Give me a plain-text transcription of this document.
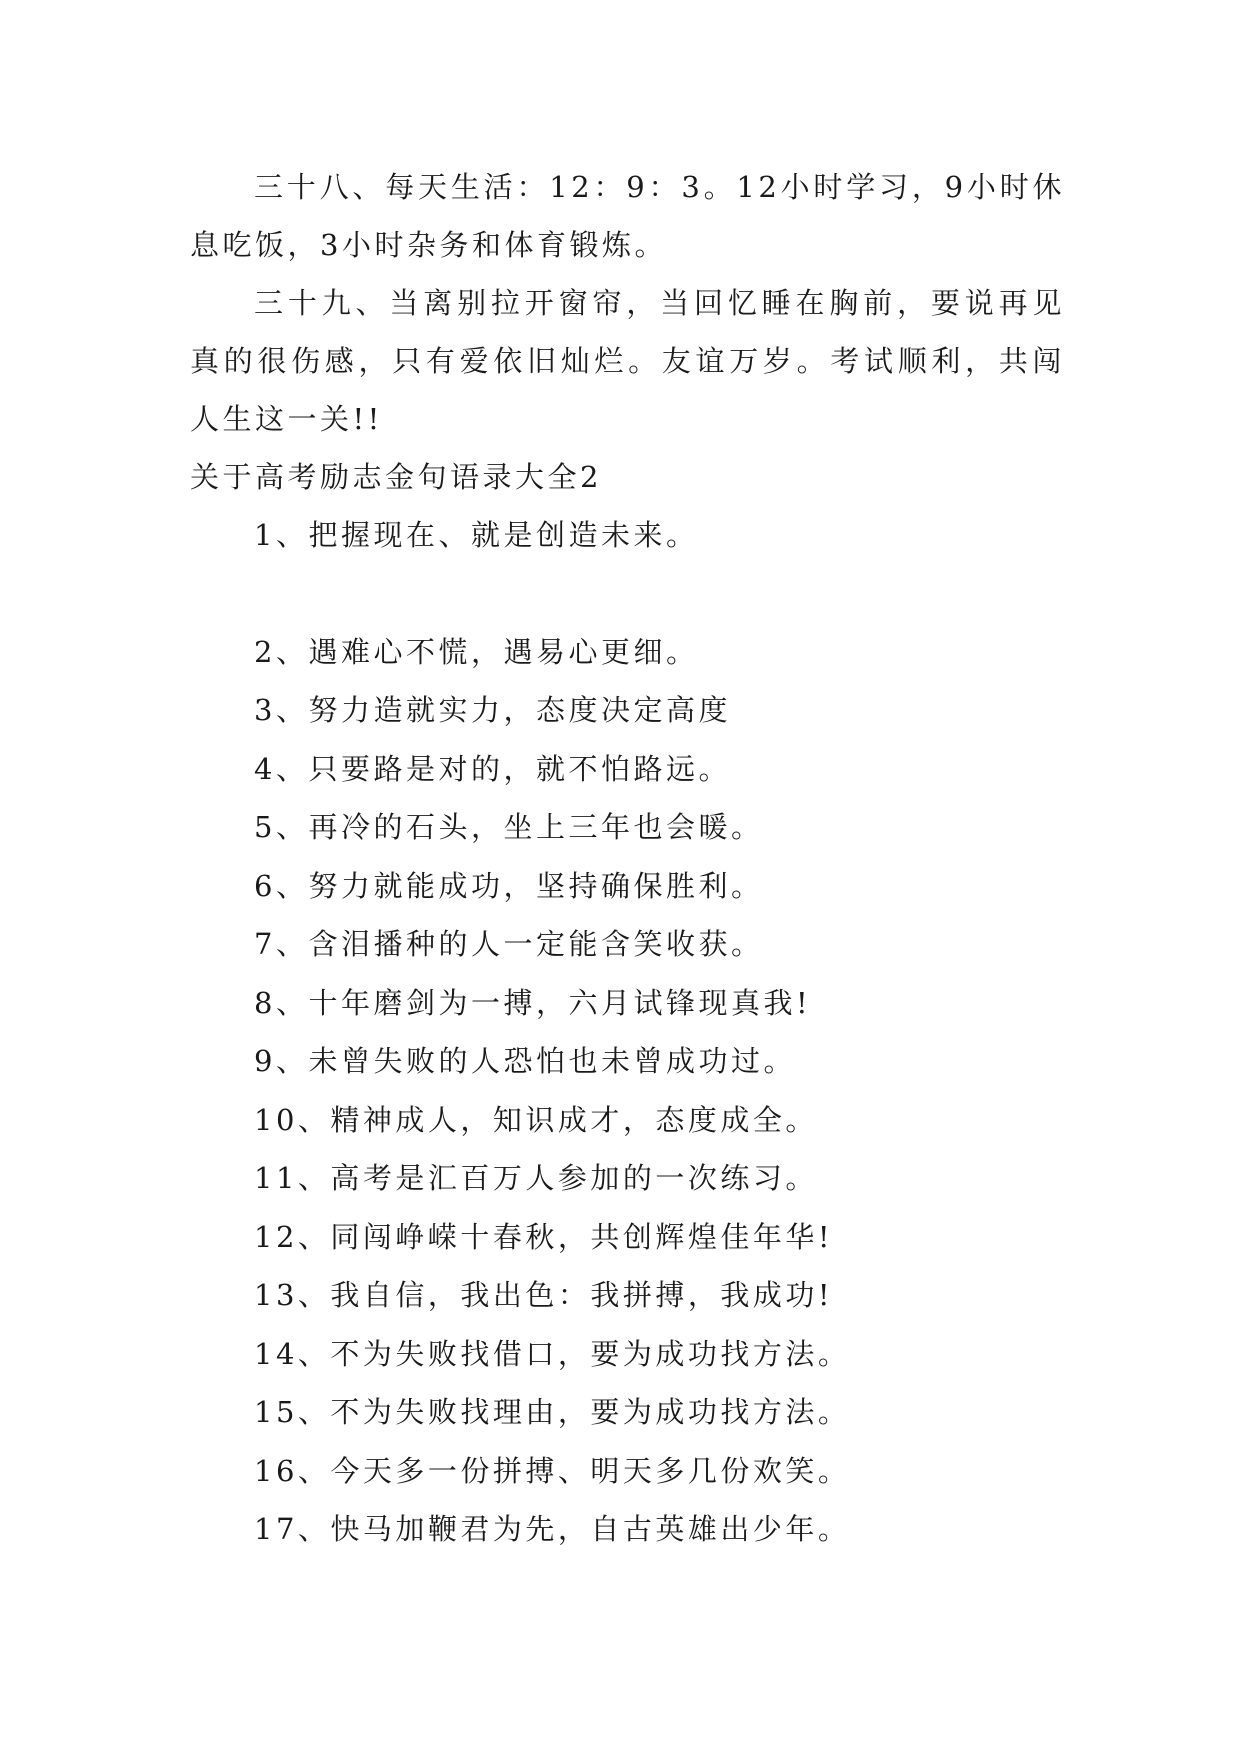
三十八、每天生活：12：9：3。12小时学习，9小时休息吃饭，3小时杂务和体育锻炼。

三十九、当离别拉开窗帘，当回忆睡在胸前，要说再见真的很伤感，只有爱依旧灿烂。友谊万岁。考试顺利，共闯人生这一关!!

关于高考励志金句语录大全2

1、把握现在、就是创造未来。

2、遇难心不慌，遇易心更细。

3、努力造就实力，态度决定高度

4、只要路是对的，就不怕路远。

5、再冷的石头，坐上三年也会暖。

6、努力就能成功，坚持确保胜利。

7、含泪播种的人一定能含笑收获。

8、十年磨剑为一搏，六月试锋现真我!

9、未曾失败的人恐怕也未曾成功过。

10、精神成人，知识成才，态度成全。

11、高考是汇百万人参加的一次练习。

12、同闯峥嵘十春秋，共创辉煌佳年华!

13、我自信，我出色：我拼搏，我成功!

14、不为失败找借口，要为成功找方法。

15、不为失败找理由，要为成功找方法。

16、今天多一份拼搏、明天多几份欢笑。

17、快马加鞭君为先，自古英雄出少年。
